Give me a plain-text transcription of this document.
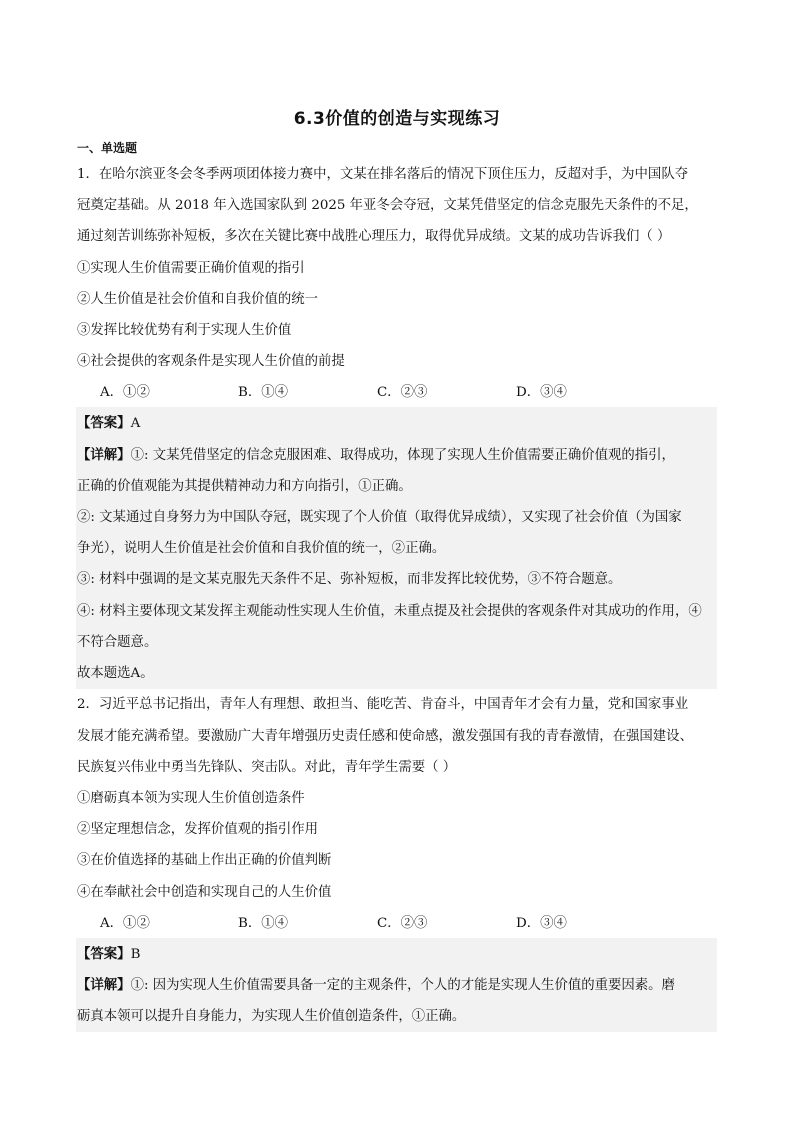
6.3价值的创造与实现练习
一、单选题
1．在哈尔滨亚冬会冬季两项团体接力赛中，文某在排名落后的情况下顶住压力，反超对手，为中国队夺
冠奠定基础。从 2018 年入选国家队到 2025 年亚冬会夺冠，文某凭借坚定的信念克服先天条件的不足，
通过刻苦训练弥补短板，多次在关键比赛中战胜心理压力，取得优异成绩。文某的成功告诉我们（ ）
①实现人生价值需要正确价值观的指引
②人生价值是社会价值和自我价值的统一
③发挥比较优势有利于实现人生价值
④社会提供的客观条件是实现人生价值的前提
A．①②	B．①④	C．②③	D．③④
【答案】A
【详解】①: 文某凭借坚定的信念克服困难、取得成功，体现了实现人生价值需要正确价值观的指引，
正确的价值观能为其提供精神动力和方向指引，①正确。
②: 文某通过自身努力为中国队夺冠，既实现了个人价值（取得优异成绩），又实现了社会价值（为国家
争光），说明人生价值是社会价值和自我价值的统一，②正确。
③: 材料中强调的是文某克服先天条件不足、弥补短板，而非发挥比较优势，③不符合题意。
④: 材料主要体现文某发挥主观能动性实现人生价值，未重点提及社会提供的客观条件对其成功的作用，④
不符合题意。
故本题选A。
2．习近平总书记指出，青年人有理想、敢担当、能吃苦、肯奋斗，中国青年才会有力量，党和国家事业
发展才能充满希望。要激励广大青年增强历史责任感和使命感，激发强国有我的青春激情，在强国建设、
民族复兴伟业中勇当先锋队、突击队。对此，青年学生需要（ ）
①磨砺真本领为实现人生价值创造条件
②坚定理想信念，发挥价值观的指引作用
③在价值选择的基础上作出正确的价值判断
④在奉献社会中创造和实现自己的人生价值
A．①②	B．①④	C．②③	D．③④
【答案】B
【详解】①: 因为实现人生价值需要具备一定的主观条件，个人的才能是实现人生价值的重要因素。磨
砺真本领可以提升自身能力，为实现人生价值创造条件，①正确。
